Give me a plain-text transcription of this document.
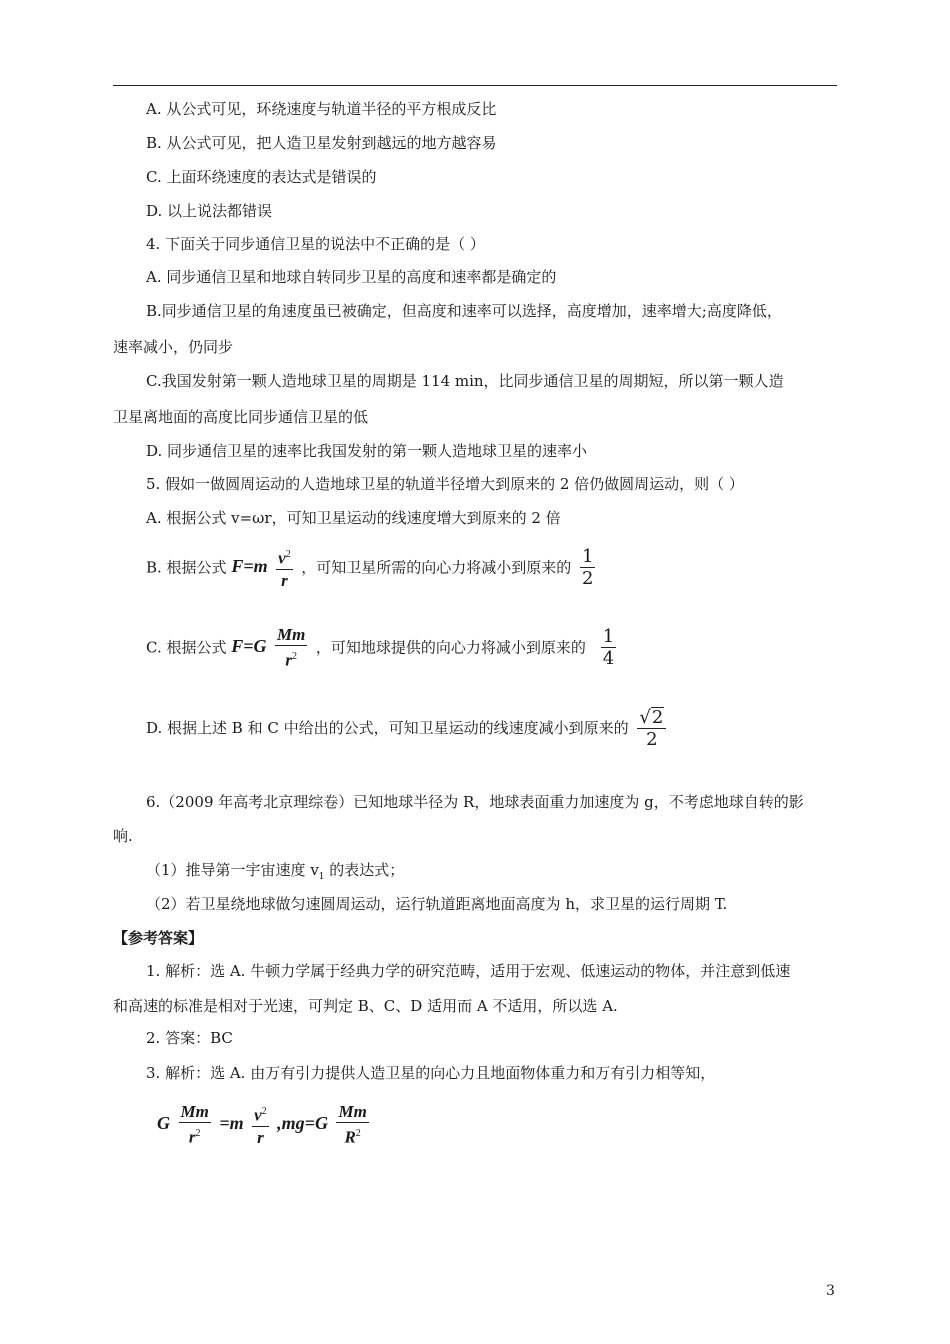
A. 从公式可见，环绕速度与轨道半径的平方根成反比
B. 从公式可见，把人造卫星发射到越远的地方越容易
C. 上面环绕速度的表达式是错误的
D. 以上说法都错误
4. 下面关于同步通信卫星的说法中不正确的是（ ）
A. 同步通信卫星和地球自转同步卫星的高度和速率都是确定的
B.同步通信卫星的角速度虽已被确定，但高度和速率可以选择，高度增加，速率增大;高度降低，
速率减小，仍同步
C.我国发射第一颗人造地球卫星的周期是 114 min，比同步通信卫星的周期短，所以第一颗人造
卫星离地面的高度比同步通信卫星的低
D. 同步通信卫星的速率比我国发射的第一颗人造地球卫星的速率小
5. 假如一做圆周运动的人造地球卫星的轨道半径增大到原来的 2 倍仍做圆周运动，则（ ）
A. 根据公式 v=ωr，可知卫星运动的线速度增大到原来的 2 倍
B. 根据公式 $F=m \frac{v^2}{r}$ ，可知卫星所需的向心力将减小到原来的 $\frac{1}{2}$
C. 根据公式 $F=G \frac{Mm}{r^2}$ ，可知地球提供的向心力将减小到原来的 $\frac{1}{4}$
D. 根据上述 B 和 C 中给出的公式，可知卫星运动的线速度减小到原来的 $\frac{√2}{2}$
6.（2009 年高考北京理综卷）已知地球半径为 R，地球表面重力加速度为 g，不考虑地球自转的影
响.
（1）推导第一宇宙速度 $v_1$ 的表达式；
（2）若卫星绕地球做匀速圆周运动，运行轨道距离地面高度为 h，求卫星的运行周期 T.
【参考答案】
1. 解析：选 A. 牛顿力学属于经典力学的研究范畴，适用于宏观、低速运动的物体，并注意到低速
和高速的标准是相对于光速，可判定 B、C、D 适用而 A 不适用，所以选 A.
2. 答案：BC
3. 解析：选 A. 由万有引力提供人造卫星的向心力且地面物体重力和万有引力相等知，
G $\frac{Mm}{r^2} =m \frac{v^2}{r} ,mg=G \frac{Mm}{R^2}$
3
